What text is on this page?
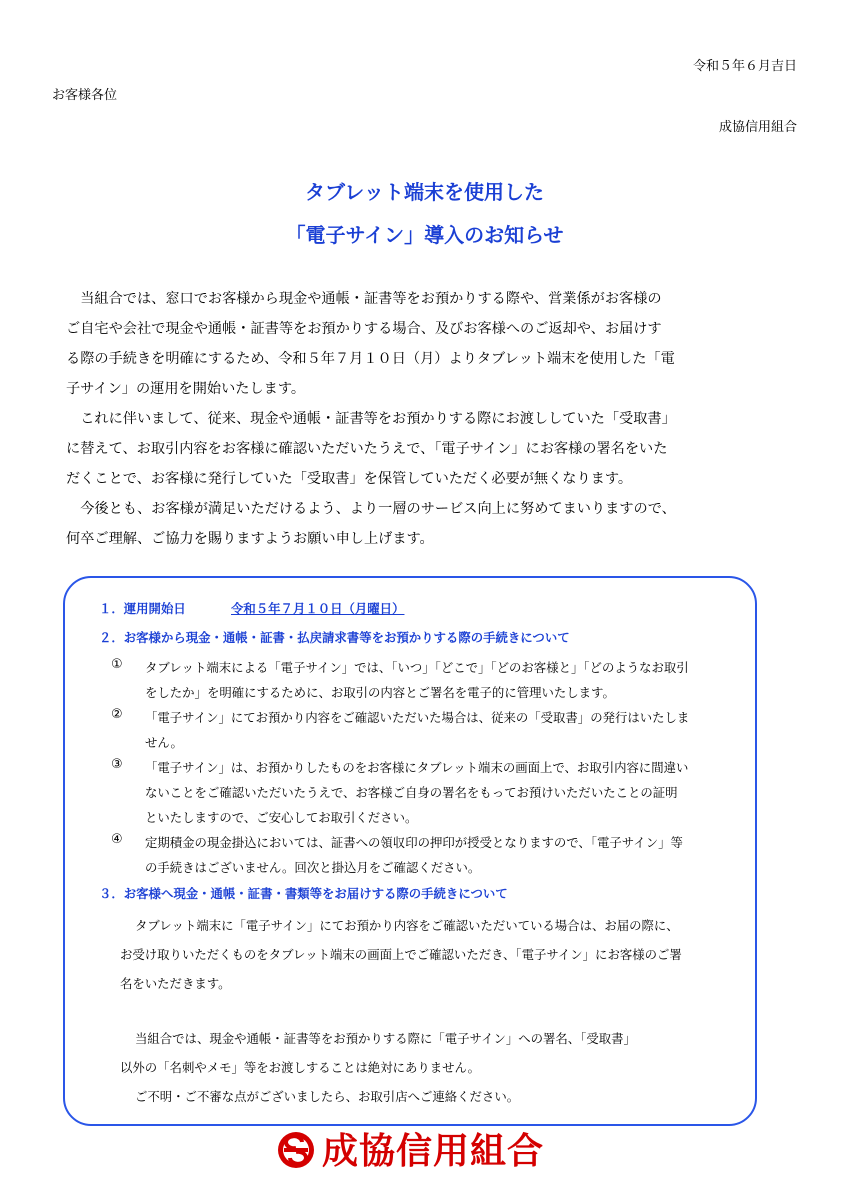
令和５年６月吉日
お客様各位
成協信用組合
タブレット端末を使用した
「電子サイン」導入のお知らせ

当組合では、窓口でお客様から現金や通帳・証書等をお預かりする際や、営業係がお客様の

ご自宅や会社で現金や通帳・証書等をお預かりする場合、及びお客様へのご返却や、お届けす

る際の手続きを明確にするため、令和５年７月１０日（月）よりタブレット端末を使用した「電

子サイン」の運用を開始いたします。

これに伴いまして、従来、現金や通帳・証書等をお預かりする際にお渡ししていた「受取書」

に替えて、お取引内容をお客様に確認いただいたうえで、「電子サイン」にお客様の署名をいた

だくことで、お客様に発行していた「受取書」を保管していただく必要が無くなります。

今後とも、お客様が満足いただけるよう、より一層のサービス向上に努めてまいりますので、

何卒ご理解、ご協力を賜りますようお願い申し上げます。

１．運用開始日	令和５年７月１０日（月曜日）
２．お客様から現金・通帳・証書・払戻請求書等をお預かりする際の手続きについて
① タブレット端末による「電子サイン」では、「いつ」「どこで」「どのお客様と」「どのようなお取引
をしたか」を明確にするために、お取引の内容とご署名を電子的に管理いたします。
② 「電子サイン」にてお預かり内容をご確認いただいた場合は、従来の「受取書」の発行はいたしま
せん。
③ 「電子サイン」は、お預かりしたものをお客様にタブレット端末の画面上で、お取引内容に間違い
ないことをご確認いただいたうえで、お客様ご自身の署名をもってお預けいただいたことの証明
といたしますので、ご安心してお取引ください。
④ 定期積金の現金掛込においては、証書への領収印の押印が授受となりますので、「電子サイン」等
の手続きはございません。回次と掛込月をご確認ください。
３．お客様へ現金・通帳・証書・書類等をお届けする際の手続きについて
タブレット端末に「電子サイン」にてお預かり内容をご確認いただいている場合は、お届の際に、
お受け取りいただくものをタブレット端末の画面上でご確認いただき、「電子サイン」にお客様のご署
名をいただきます。
当組合では、現金や通帳・証書等をお預かりする際に「電子サイン」への署名、「受取書」
以外の「名刺やメモ」等をお渡しすることは絶対にありません。
ご不明・ご不審な点がございましたら、お取引店へご連絡ください。
成協信用組合
